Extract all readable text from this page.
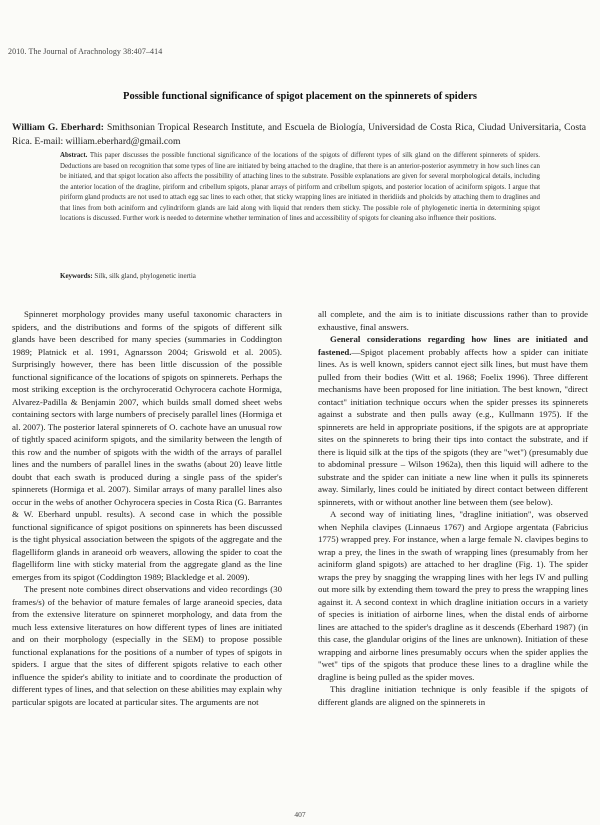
2010. The Journal of Arachnology 38:407–414
Possible functional significance of spigot placement on the spinnerets of spiders
William G. Eberhard: Smithsonian Tropical Research Institute, and Escuela de Biología, Universidad de Costa Rica, Ciudad Universitaria, Costa Rica. E-mail: william.eberhard@gmail.com
Abstract. This paper discusses the possible functional significance of the locations of the spigots of different types of silk gland on the different spinnerets of spiders. Deductions are based on recognition that some types of line are initiated by being attached to the dragline, that there is an anterior-posterior asymmetry in how such lines can be initiated, and that spigot location also affects the possibility of attaching lines to the substrate. Possible explanations are given for several morphological details, including the anterior location of the dragline, piriform and cribellum spigots, planar arrays of piriform and cribellum spigots, and posterior location of aciniform spigots. I argue that piriform gland products are not used to attach egg sac lines to each other, that sticky wrapping lines are initiated in theridiids and pholcids by attaching them to draglines and that lines from both aciniform and cylindriform glands are laid along with liquid that renders them sticky. The possible role of phylogenetic inertia in determining spigot locations is discussed. Further work is needed to determine whether termination of lines and accessibility of spigots for cleaning also influence their positions.
Keywords: Silk, silk gland, phylogenetic inertia

Spinneret morphology provides many useful taxonomic characters in spiders, and the distributions and forms of the spigots of different silk glands have been described for many species (summaries in Coddington 1989; Platnick et al. 1991, Agnarsson 2004; Griswold et al. 2005). Surprisingly however, there has been little discussion of the possible functional significance of the locations of spigots on spinnerets. Perhaps the most striking exception is the orchyroceratid Ochyrocera cachote Hormiga, Alvarez-Padilla & Benjamin 2007, which builds small domed sheet webs containing sectors with large numbers of precisely parallel lines (Hormiga et al. 2007). The posterior lateral spinnerets of O. cachote have an unusual row of tightly spaced aciniform spigots, and the similarity between the length of this row and the number of spigots with the width of the arrays of parallel lines and the numbers of parallel lines in the swaths (about 20) leave little doubt that each swath is produced during a single pass of the spider's spinnerets (Hormiga et al. 2007). Similar arrays of many parallel lines also occur in the webs of another Ochyrocera species in Costa Rica (G. Barrantes & W. Eberhard unpubl. results). A second case in which the possible functional significance of spigot positions on spinnerets has been discussed is the tight physical association between the spigots of the aggregate and the flagelliform glands in araneoid orb weavers, allowing the spider to coat the flagelliform line with sticky material from the aggregate gland as the line emerges from its spigot (Coddington 1989; Blackledge et al. 2009).

The present note combines direct observations and video recordings (30 frames/s) of the behavior of mature females of large araneoid species, data from the extensive literature on spinneret morphology, and data from the much less extensive literatures on how different types of lines are initiated and on their morphology (especially in the SEM) to propose possible functional explanations for the positions of a number of types of spigots in spiders. I argue that the sites of different spigots relative to each other influence the spider's ability to initiate and to coordinate the production of different types of lines, and that selection on these abilities may explain why particular spigots are located at particular sites. The arguments are not

all complete, and the aim is to initiate discussions rather than to provide exhaustive, final answers.

General considerations regarding how lines are initiated and fastened.—Spigot placement probably affects how a spider can initiate lines. As is well known, spiders cannot eject silk lines, but must have them pulled from their bodies (Witt et al. 1968; Foelix 1996). Three different mechanisms have been proposed for line initiation. The best known, "direct contact" initiation technique occurs when the spider presses its spinnerets against a substrate and then pulls away (e.g., Kullmann 1975). If the spinnerets are held in appropriate positions, if the spigots are at appropriate sites on the spinnerets to bring their tips into contact the substrate, and if there is liquid silk at the tips of the spigots (they are "wet") (presumably due to abdominal pressure – Wilson 1962a), then this liquid will adhere to the substrate and the spider can initiate a new line when it pulls its spinnerets away. Similarly, lines could be initiated by direct contact between different spinnerets, with or without another line between them (see below).

A second way of initiating lines, "dragline initiation", was observed when Nephila clavipes (Linnaeus 1767) and Argiope argentata (Fabricius 1775) wrapped prey. For instance, when a large female N. clavipes begins to wrap a prey, the lines in the swath of wrapping lines (presumably from her aciniform gland spigots) are attached to her dragline (Fig. 1). The spider wraps the prey by snagging the wrapping lines with her legs IV and pulling out more silk by extending them toward the prey to press the wrapping lines against it. A second context in which dragline initiation occurs in a variety of species is initiation of airborne lines, when the distal ends of airborne lines are attached to the spider's dragline as it descends (Eberhard 1987) (in this case, the glandular origins of the lines are unknown). Initiation of these wrapping and airborne lines presumably occurs when the spider applies the "wet" tips of the spigots that produce these lines to a dragline while the dragline is being pulled as the spider moves.

This dragline initiation technique is only feasible if the spigots of different glands are aligned on the spinnerets in

407
